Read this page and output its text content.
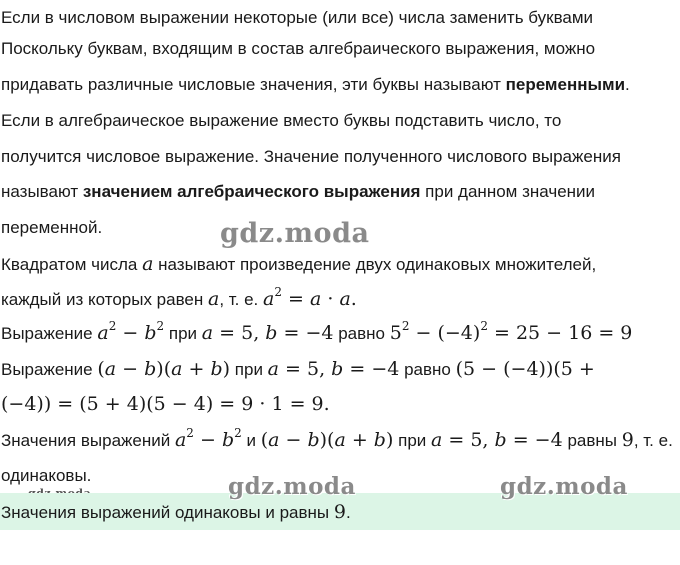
Если в числовом выражении некоторые (или все) числа заменить буквами
Поскольку буквам, входящим в состав алгебраического выражения, можно
придавать различные числовые значения, эти буквы называют переменными.
Если в алгебраическое выражение вместо буквы подставить число, то
получится числовое выражение. Значение полученного числового выражения
называют значением алгебраического выражения при данном значении
переменной.	gdz.moda
Квадратом числа a называют произведение двух одинаковых множителей,
каждый из которых равен a, т. е. $a^2 = a \cdot a$.
Выражение $a^2 - b^2$ при a = 5, b = −4 равно $5^2 - (-4)^2 = 25 - 16 = 9$
Выражение (a − b)(a + b) при a = 5, b = −4 равно (5 − (−4))(5 +
(−4)) = (5 + 4)(5 − 4) = 9 · 1 = 9.
Значения выражений $a^2 - b^2$ и (a − b)(a + b) при a = 5, b = −4 равны 9, т. е.
одинаковы.
Значения выражений одинаковы и равны 9.
gdz.moda	gdz.moda
